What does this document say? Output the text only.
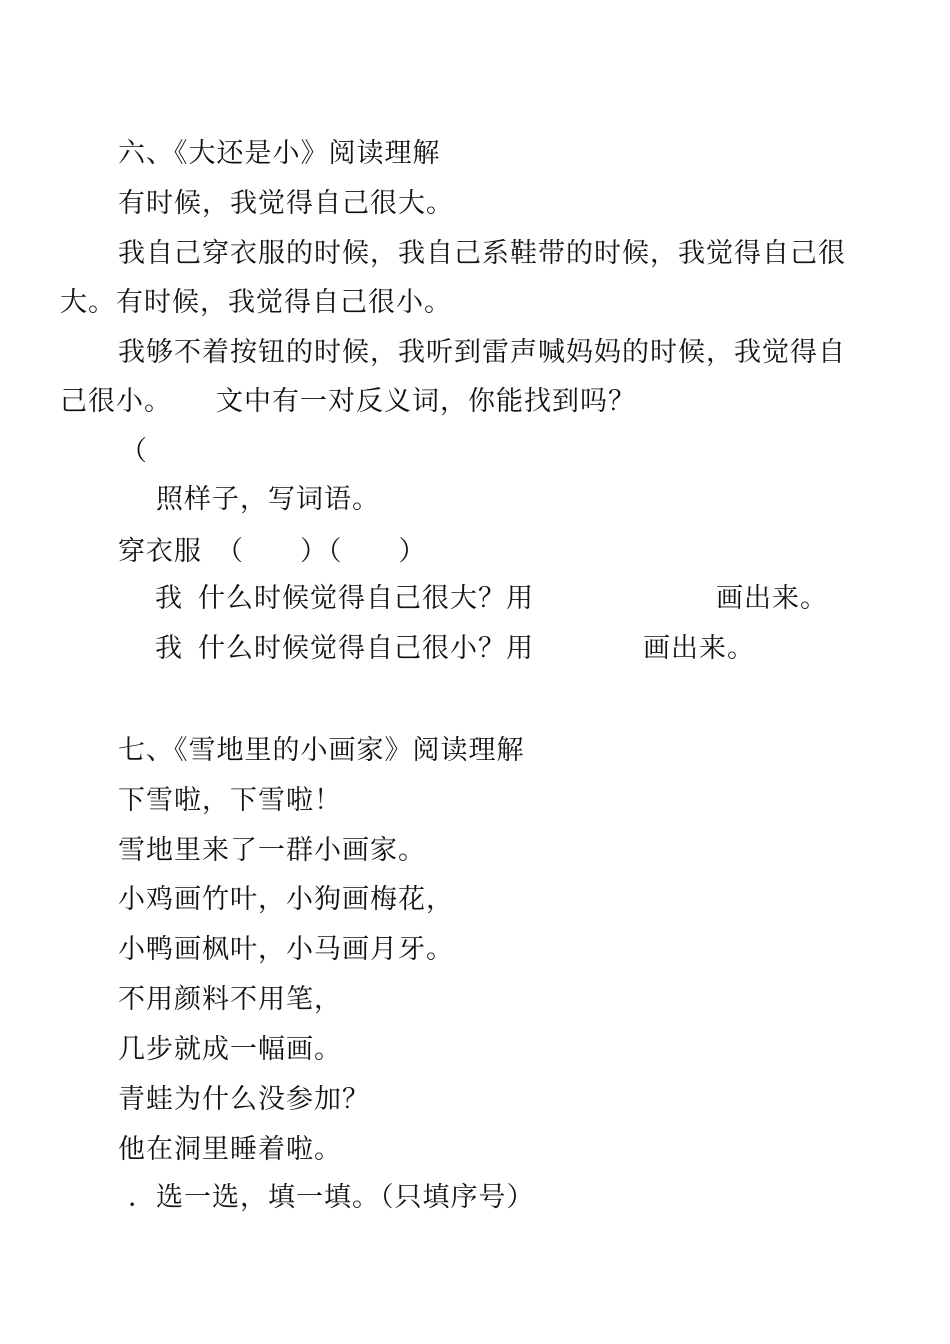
六、《大还是小》阅读理解
有时候，我觉得自己很大。
我自己穿衣服的时候，我自己系鞋带的时候，我觉得自己很
大。有时候，我觉得自己很小。
我够不着按钮的时候，我听到雷声喊妈妈的时候，我觉得自
己很小。 文中有一对反义词，你能找到吗？
（
照样子，写词语。
穿衣服 （　　）（　　）
我 什么时候觉得自己很大？用	画出来。
我 什么时候觉得自己很小？用	画出来。
七、《雪地里的小画家》阅读理解
下雪啦，下雪啦！
雪地里来了一群小画家。
小鸡画竹叶，小狗画梅花，
小鸭画枫叶，小马画月牙。
不用颜料不用笔，
几步就成一幅画。
青蛙为什么没参加？
他在洞里睡着啦。
．选一选，填一填。（只填序号）
